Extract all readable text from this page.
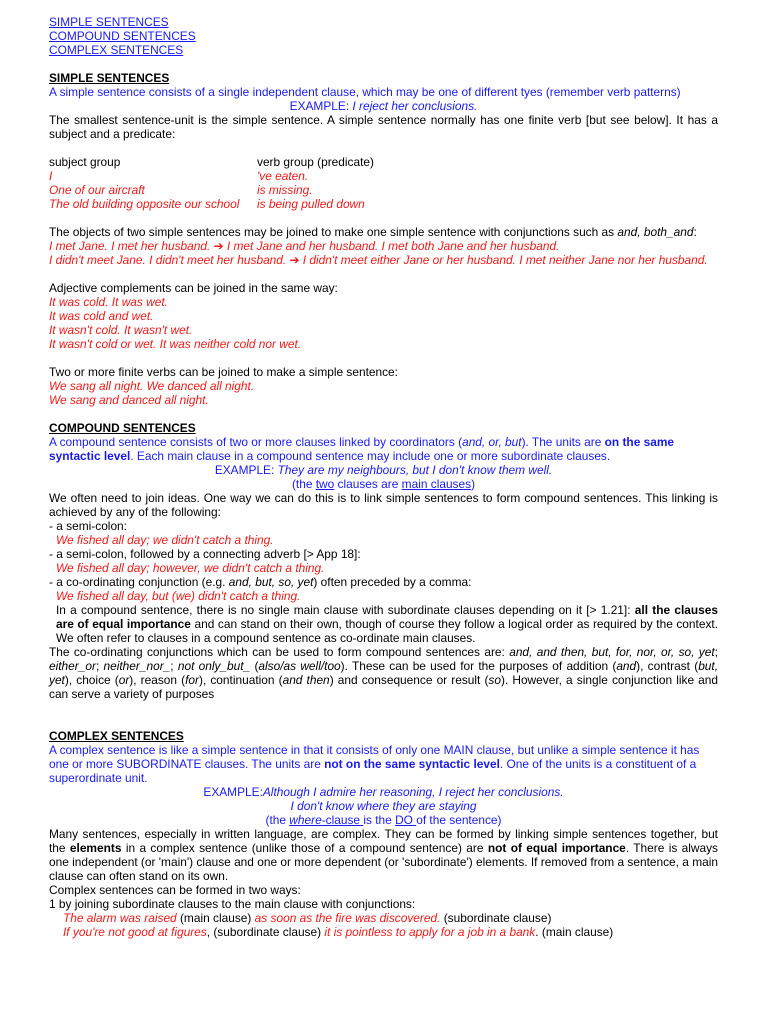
SIMPLE SENTENCES
COMPOUND SENTENCES
COMPLEX SENTENCES
SIMPLE SENTENCES
A simple sentence consists of a single independent clause, which may be one of different tyes (remember verb patterns)
EXAMPLE: I reject her conclusions.
The smallest sentence-unit is the simple sentence. A simple sentence normally has one finite verb [but see below]. It has a subject and a predicate:
subject group	verb group (predicate)
I	've eaten.
One of our aircraft	is missing.
The old building opposite our school	is being pulled down
The objects of two simple sentences may be joined to make one simple sentence with conjunctions such as and, both_and:
I met Jane. I met her husband. ➔ I met Jane and her husband. I met both Jane and her husband.
I didn't meet Jane. I didn't meet her husband. ➔ I didn't meet either Jane or her husband. I met neither Jane nor her husband.
Adjective complements can be joined in the same way:
It was cold. It was wet.
It was cold and wet.
It wasn't cold. It wasn't wet.
It wasn't cold or wet. It was neither cold nor wet.
Two or more finite verbs can be joined to make a simple sentence:
We sang all night. We danced all night.
We sang and danced all night.
COMPOUND SENTENCES
A compound sentence consists of two or more clauses linked by coordinators (and, or, but). The units are on the same syntactic level. Each main clause in a compound sentence may include one or more subordinate clauses.
EXAMPLE: They are my neighbours, but I don't know them well.
(the two clauses are main clauses)
We often need to join ideas. One way we can do this is to link simple sentences to form compound sentences. This linking is achieved by any of the following:
- a semi-colon:
We fished all day; we didn't catch a thing.
- a semi-colon, followed by a connecting adverb [> App 18]:
We fished all day; however, we didn't catch a thing.
- a co-ordinating conjunction (e.g. and, but, so, yet) often preceded by a comma:
We fished all day, but (we) didn't catch a thing.
In a compound sentence, there is no single main clause with subordinate clauses depending on it [> 1.21]: all the clauses are of equal importance and can stand on their own, though of course they follow a logical order as required by the context. We often refer to clauses in a compound sentence as co-ordinate main clauses.
The co-ordinating conjunctions which can be used to form compound sentences are: and, and then, but, for, nor, or, so, yet; either_or; neither_nor_; not only_but_ (also/as well/too). These can be used for the purposes of addition (and), contrast (but, yet), choice (or), reason (for), continuation (and then) and consequence or result (so). However, a single conjunction like and can serve a variety of purposes
COMPLEX SENTENCES
A complex sentence is like a simple sentence in that it consists of only one MAIN clause, but unlike a simple sentence it has one or more SUBORDINATE clauses. The units are not on the same syntactic level. One of the units is a constituent of a superordinate unit.
EXAMPLE:Although I admire her reasoning, I reject her conclusions.
I don't know where they are staying
(the where-clause is the DO of the sentence)
Many sentences, especially in written language, are complex. They can be formed by linking simple sentences together, but the elements in a complex sentence (unlike those of a compound sentence) are not of equal importance. There is always one independent (or 'main') clause and one or more dependent (or 'subordinate') elements. If removed from a sentence, a main clause can often stand on its own.
Complex sentences can be formed in two ways:
1 by joining subordinate clauses to the main clause with conjunctions:
The alarm was raised (main clause) as soon as the fire was discovered. (subordinate clause)
If you're not good at figures, (subordinate clause) it is pointless to apply for a job in a bank. (main clause)
